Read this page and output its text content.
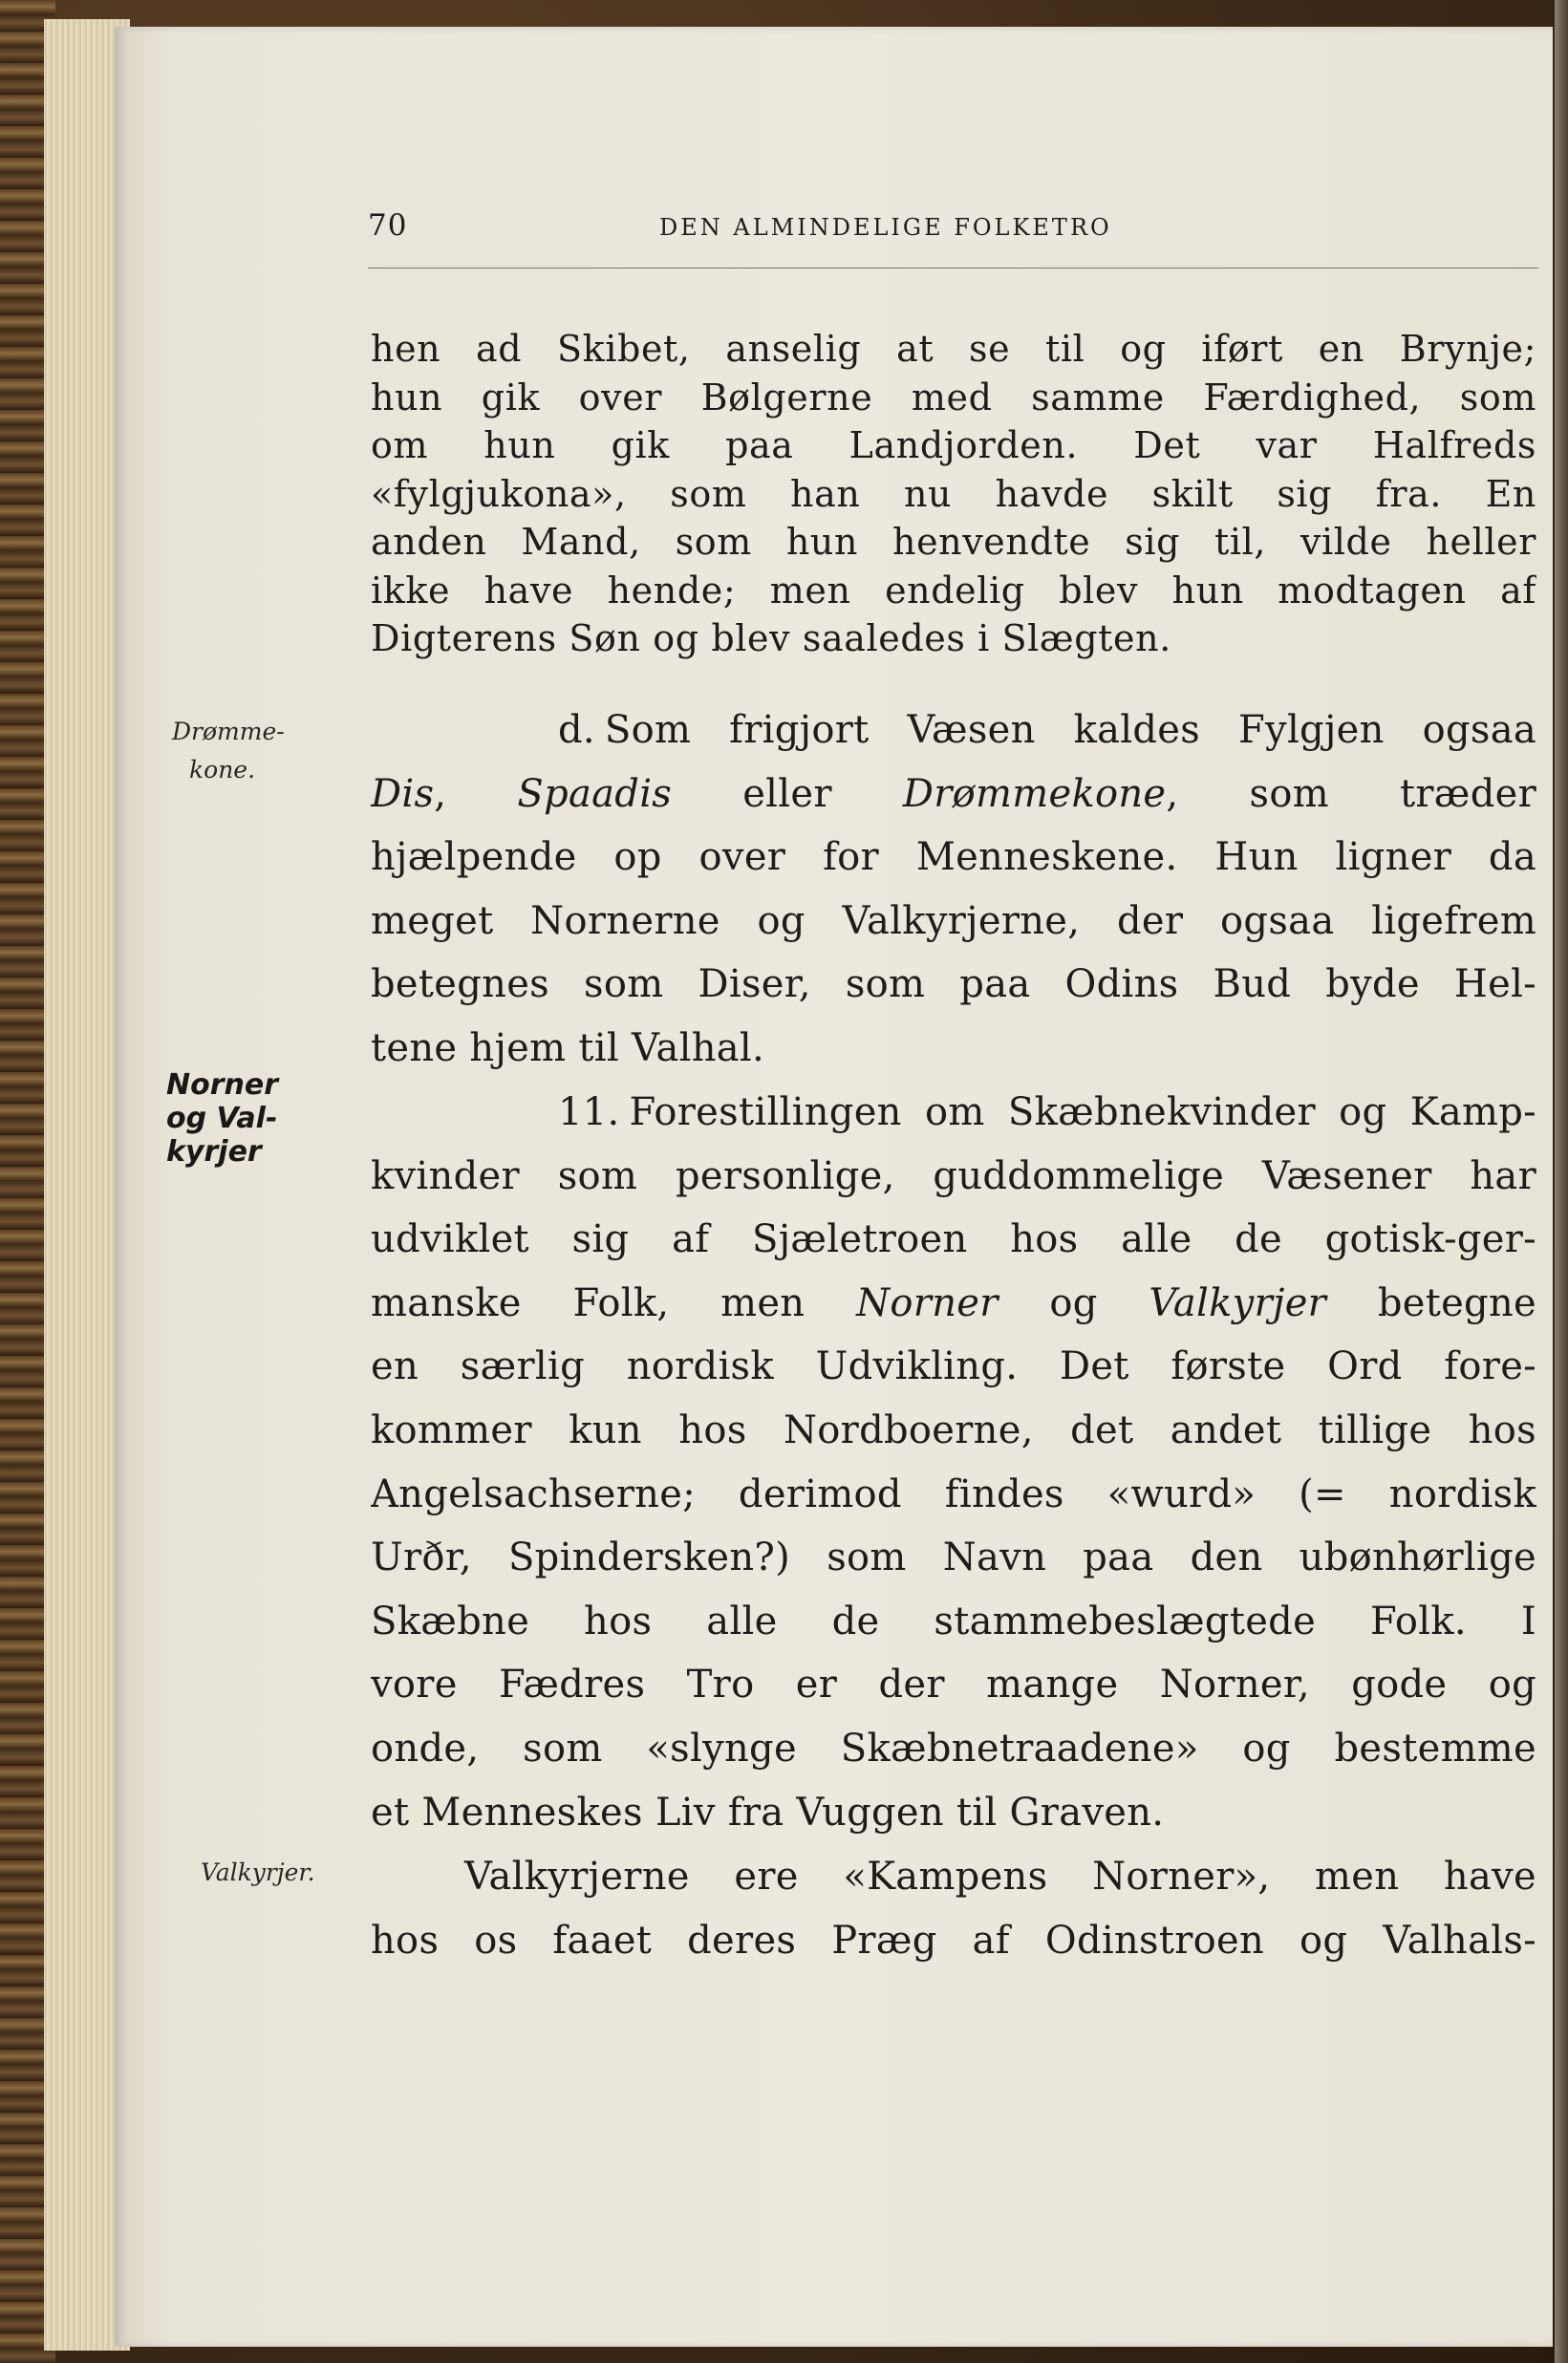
70	DEN ALMINDELIGE FOLKETRO
hen ad Skibet, anselig at se til og iført en Brynje;
hun gik over Bølgerne med samme Færdighed, som
om hun gik paa Landjorden. Det var Halfreds
«fylgjukona», som han nu havde skilt sig fra. En
anden Mand, som hun henvendte sig til, vilde heller
ikke have hende; men endelig blev hun modtagen af
Digterens Søn og blev saaledes i Slægten.
d. Som frigjort Væsen kaldes Fylgjen ogsaa
Dis, Spaadis eller Drømmekone, som træder
hjælpende op over for Menneskene. Hun ligner da
meget Nornerne og Valkyrjerne, der ogsaa ligefrem
betegnes som Diser, som paa Odins Bud byde Hel-
tene hjem til Valhal.
11. Forestillingen om Skæbnekvinder og Kamp-
kvinder som personlige, guddommelige Væsener har
udviklet sig af Sjæletroen hos alle de gotisk-ger-
manske Folk, men Norner og Valkyrjer betegne
en særlig nordisk Udvikling. Det første Ord fore-
kommer kun hos Nordboerne, det andet tillige hos
Angelsachserne; derimod findes «wurd» (= nordisk
Urðr, Spindersken?) som Navn paa den ubønhørlige
Skæbne hos alle de stammebeslægtede Folk. I
vore Fædres Tro er der mange Norner, gode og
onde, som «slynge Skæbnetraadene» og bestemme
et Menneskes Liv fra Vuggen til Graven.
Valkyrjerne ere «Kampens Norner», men have
hos os faaet deres Præg af Odinstroen og Valhals-
Drømme-
kone.
Norner
og Val-
kyrjer
Valkyrjer.
